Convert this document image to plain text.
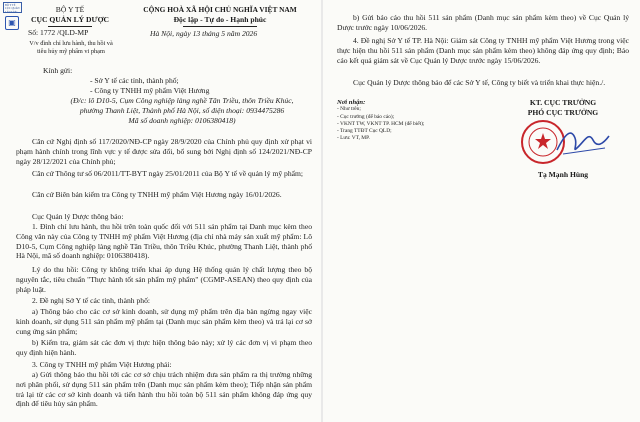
BỘ Y TẾ CỤC QUẢN LÝ DƯỢC
▣
BỘ Y TẾ
CỤC QUẢN LÝ DƯỢC
Số: 1772 /QLD-MP
V/v đình chỉ lưu hành, thu hồi và tiêu hủy mỹ phẩm vi phạm
CỘNG HOÀ XÃ HỘI CHỦ NGHĨA VIỆT NAM
Độc lập - Tự do - Hạnh phúc
Hà Nội, ngày 13 tháng 5 năm 2026
Kính gửi:
- Sở Y tế các tỉnh, thành phố;
- Công ty TNHH mỹ phẩm Việt Hương
(Đ/c: lô D10-5, Cụm Công nghiệp làng nghề Tân Triều, thôn Triều Khúc, phường Thanh Liệt, Thành phố Hà Nội, số điện thoại: 0934475286
Mã số doanh nghiệp: 0106380418)
Căn cứ Nghị định số 117/2020/NĐ-CP ngày 28/9/2020 của Chính phủ quy định xử phạt vi phạm hành chính trong lĩnh vực y tế được sửa đổi, bổ sung bởi Nghị định số 124/2021/NĐ-CP ngày 28/12/2021 của Chính phủ;
Căn cứ Thông tư số 06/2011/TT-BYT ngày 25/01/2011 của Bộ Y tế về quản lý mỹ phẩm;
Căn cứ Biên bản kiểm tra Công ty TNHH mỹ phẩm Việt Hương ngày 16/01/2026.
Cục Quản lý Dược thông báo:
1. Đình chỉ lưu hành, thu hồi trên toàn quốc đối với 511 sản phẩm tại Danh mục kèm theo Công văn này của Công ty TNHH mỹ phẩm Việt Hương (địa chỉ nhà máy sản xuất mỹ phẩm: Lô D10-5, Cụm Công nghiệp làng nghề Tân Triều, thôn Triều Khúc, phường Thanh Liệt, thành phố Hà Nội, mã số doanh nghiệp: 0106380418).
Lý do thu hồi: Công ty không triển khai áp dụng Hệ thống quản lý chất lượng theo bộ nguyên tắc, tiêu chuẩn "Thực hành tốt sản phẩm mỹ phẩm" (CGMP-ASEAN) theo quy định của pháp luật.
2. Đề nghị Sở Y tế các tỉnh, thành phố:
a) Thông báo cho các cơ sở kinh doanh, sử dụng mỹ phẩm trên địa bàn ngừng ngay việc kinh doanh, sử dụng 511 sản phẩm mỹ phẩm tại (Danh mục sản phẩm kèm theo) và trả lại cơ sở cung ứng sản phẩm;
b) Kiểm tra, giám sát các đơn vị thực hiện thông báo này; xử lý các đơn vị vi phạm theo quy định hiện hành.
3. Công ty TNHH mỹ phẩm Việt Hương phải:
a) Gửi thông báo thu hồi tới các cơ sở chịu trách nhiệm đưa sản phẩm ra thị trường những nơi phân phối, sử dụng 511 sản phẩm trên (Danh mục sản phẩm kèm theo); Tiếp nhận sản phẩm trả lại từ các cơ sở kinh doanh và tiến hành thu hồi toàn bộ 511 sản phẩm không đáp ứng quy định để tiêu hủy sản phẩm.
b) Gửi báo cáo thu hồi 511 sản phẩm (Danh mục sản phẩm kèm theo) về Cục Quản lý Dược trước ngày 10/06/2026.
4. Đề nghị Sở Y tế TP. Hà Nội: Giám sát Công ty TNHH mỹ phẩm Việt Hương trong việc thực hiện thu hồi 511 sản phẩm (Danh mục sản phẩm kèm theo) không đáp ứng quy định; Báo cáo kết quả giám sát về Cục Quản lý Dược trước ngày 15/06/2026.
Cục Quản lý Dược thông báo để các Sở Y tế, Công ty biết và triển khai thực hiện./.
Nơi nhận:
- Như trên;
- Cục trưởng (để báo cáo);
- VKNT TW, VKNT TP. HCM (để biết);
- Trang TTĐT Cục QLD;
- Lưu: VT, MP.
KT. CỤC TRƯỞNG
PHÓ CỤC TRƯỞNG
Tạ Mạnh Hùng
